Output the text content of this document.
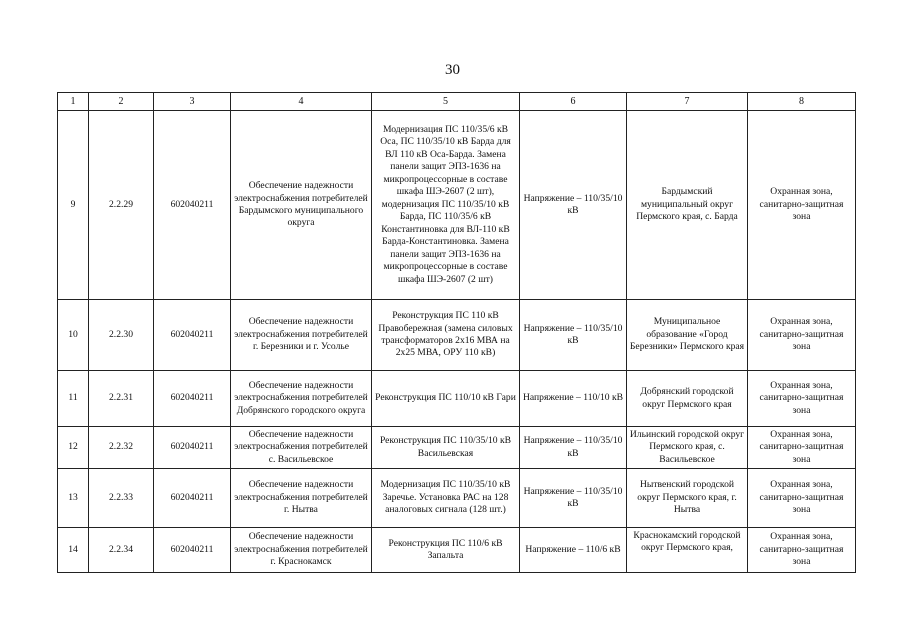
30
1	2	3	4	5	6	7	8
9	2.2.29	602040211	Обеспечение надежности электроснабжения потребителей Бардымского муниципального округа	Модернизация ПС 110/35/6 кВ Оса, ПС 110/35/10 кВ Барда для ВЛ 110 кВ Оса-Барда. Замена панели защит ЭПЗ-1636 на микропроцессорные в составе шкафа ШЭ-2607 (2 шт), модернизация ПС 110/35/10 кВ Барда, ПС 110/35/6 кВ Константиновка для ВЛ-110 кВ Барда-Константиновка. Замена панели защит ЭПЗ-1636 на микропроцессорные в составе шкафа ШЭ-2607 (2 шт)	Напряжение – 110/35/10 кВ	Бардымский муниципальный округ Пермского края, с. Барда	Охранная зона, санитарно-защитная зона
10	2.2.30	602040211	Обеспечение надежности электроснабжения потребителей г. Березники и г. Усолье	Реконструкция ПС 110 кВ Правобережная (замена силовых трансформаторов 2х16 МВА на 2х25 МВА, ОРУ 110 кВ)	Напряжение – 110/35/10 кВ	Муниципальное образование «Город Березники» Пермского края	Охранная зона, санитарно-защитная зона
11	2.2.31	602040211	Обеспечение надежности электроснабжения потребителей Добрянского городского округа	Реконструкция ПС 110/10 кВ Гари	Напряжение – 110/10 кВ	Добрянский городской округ Пермского края	Охранная зона, санитарно-защитная зона
12	2.2.32	602040211	Обеспечение надежности электроснабжения потребителей с. Васильевское	Реконструкция ПС 110/35/10 кВ Васильевская	Напряжение – 110/35/10 кВ	Ильинский городской округ Пермского края, с. Васильевское	Охранная зона, санитарно-защитная зона
13	2.2.33	602040211	Обеспечение надежности электроснабжения потребителей г. Нытва	Модернизация ПС 110/35/10 кВ Заречье. Установка РАС на 128 аналоговых сигнала (128 шт.)	Напряжение – 110/35/10 кВ	Нытвенский городской округ Пермского края, г. Нытва	Охранная зона, санитарно-защитная зона
14	2.2.34	602040211	Обеспечение надежности электроснабжения потребителей г. Краснокамск	Реконструкция ПС 110/6 кВ Запальта	Напряжение – 110/6 кВ	Краснокамский городской округ Пермского края,	Охранная зона, санитарно-защитная зона
